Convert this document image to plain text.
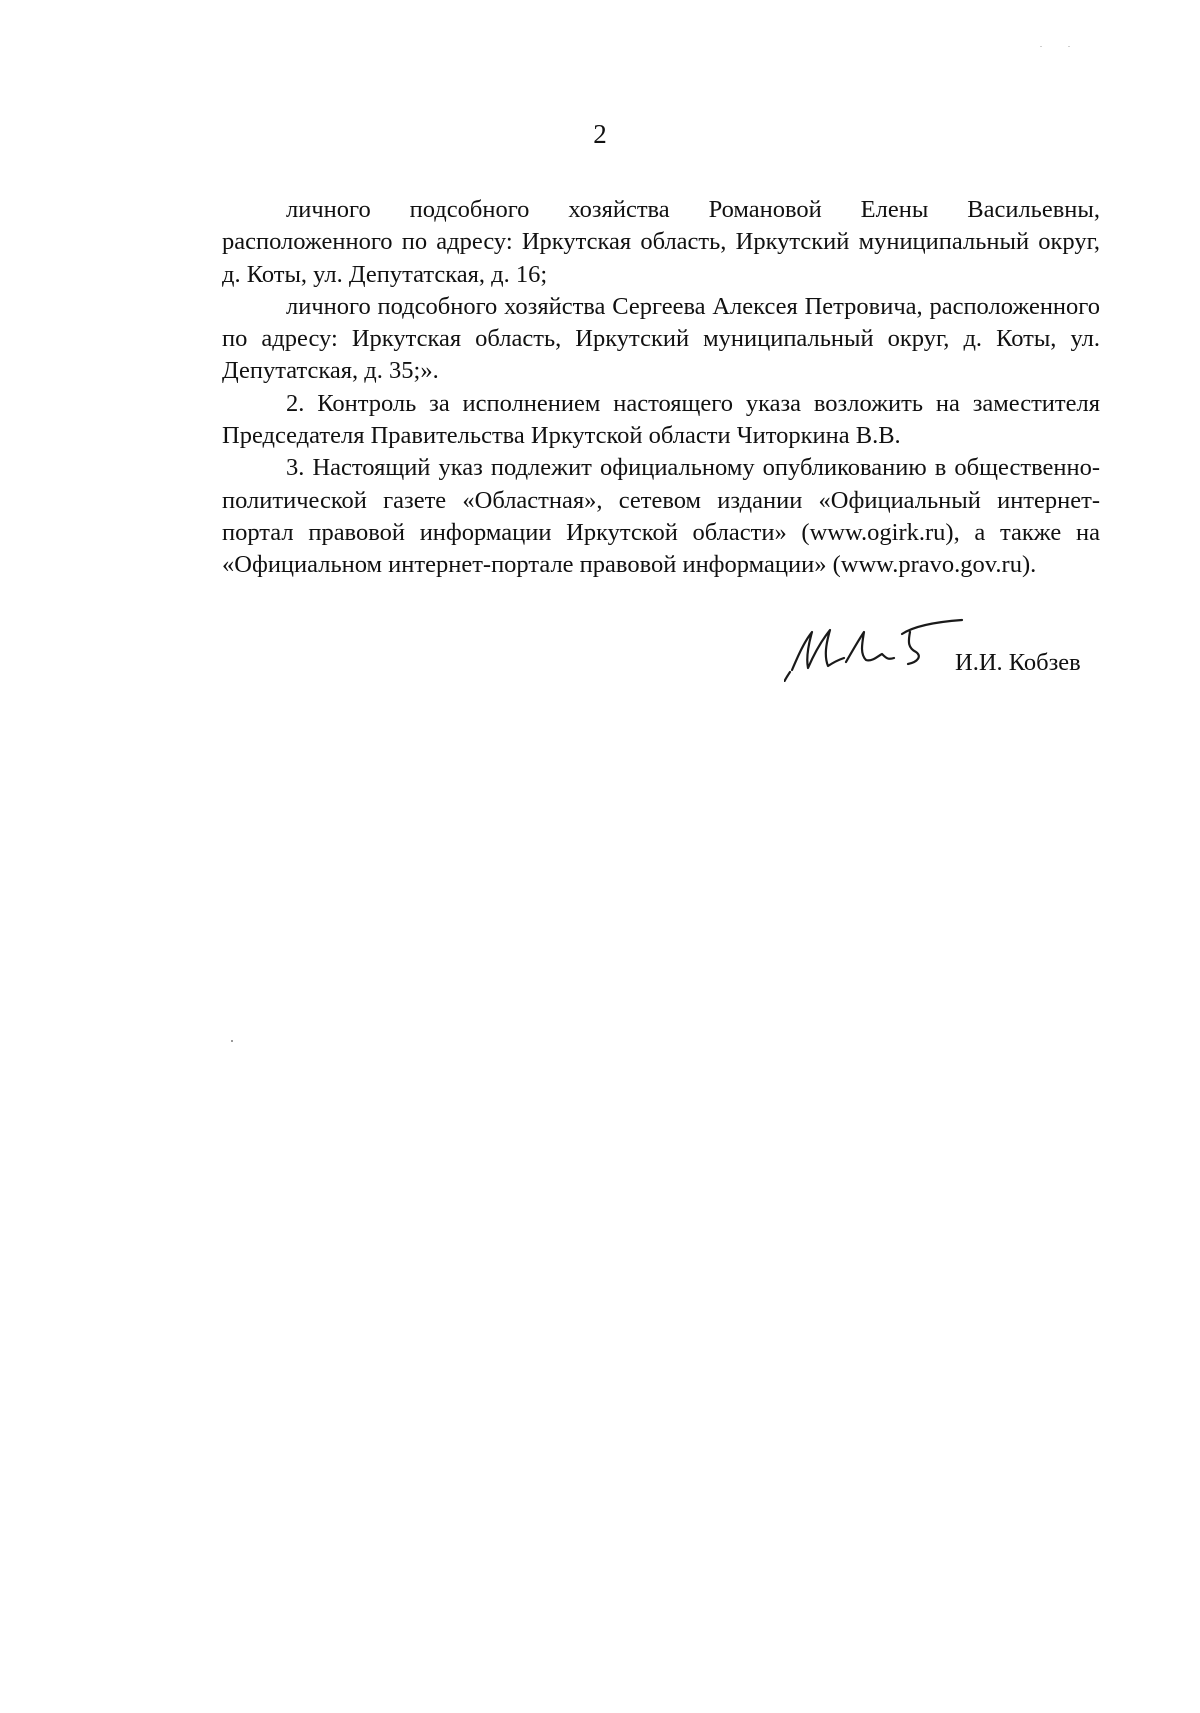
2

личного подсобного хозяйства Романовой Елены Васильевны, расположенного по адресу: Иркутская область, Иркутский муниципальный округ, д. Коты, ул. Депутатская, д. 16;

личного подсобного хозяйства Сергеева Алексея Петровича, расположенного по адресу: Иркутская область, Иркутский муниципальный округ, д. Коты, ул. Депутатская, д. 35;».

2. Контроль за исполнением настоящего указа возложить на заместителя Председателя Правительства Иркутской области Читоркина В.В.

3. Настоящий указ подлежит официальному опубликованию в общественно-политической газете «Областная», сетевом издании «Официальный интернет-портал правовой информации Иркутской области» (www.ogirk.ru), а также на «Официальном интернет-портале правовой информации» (www.pravo.gov.ru).

И.И. Кобзев
